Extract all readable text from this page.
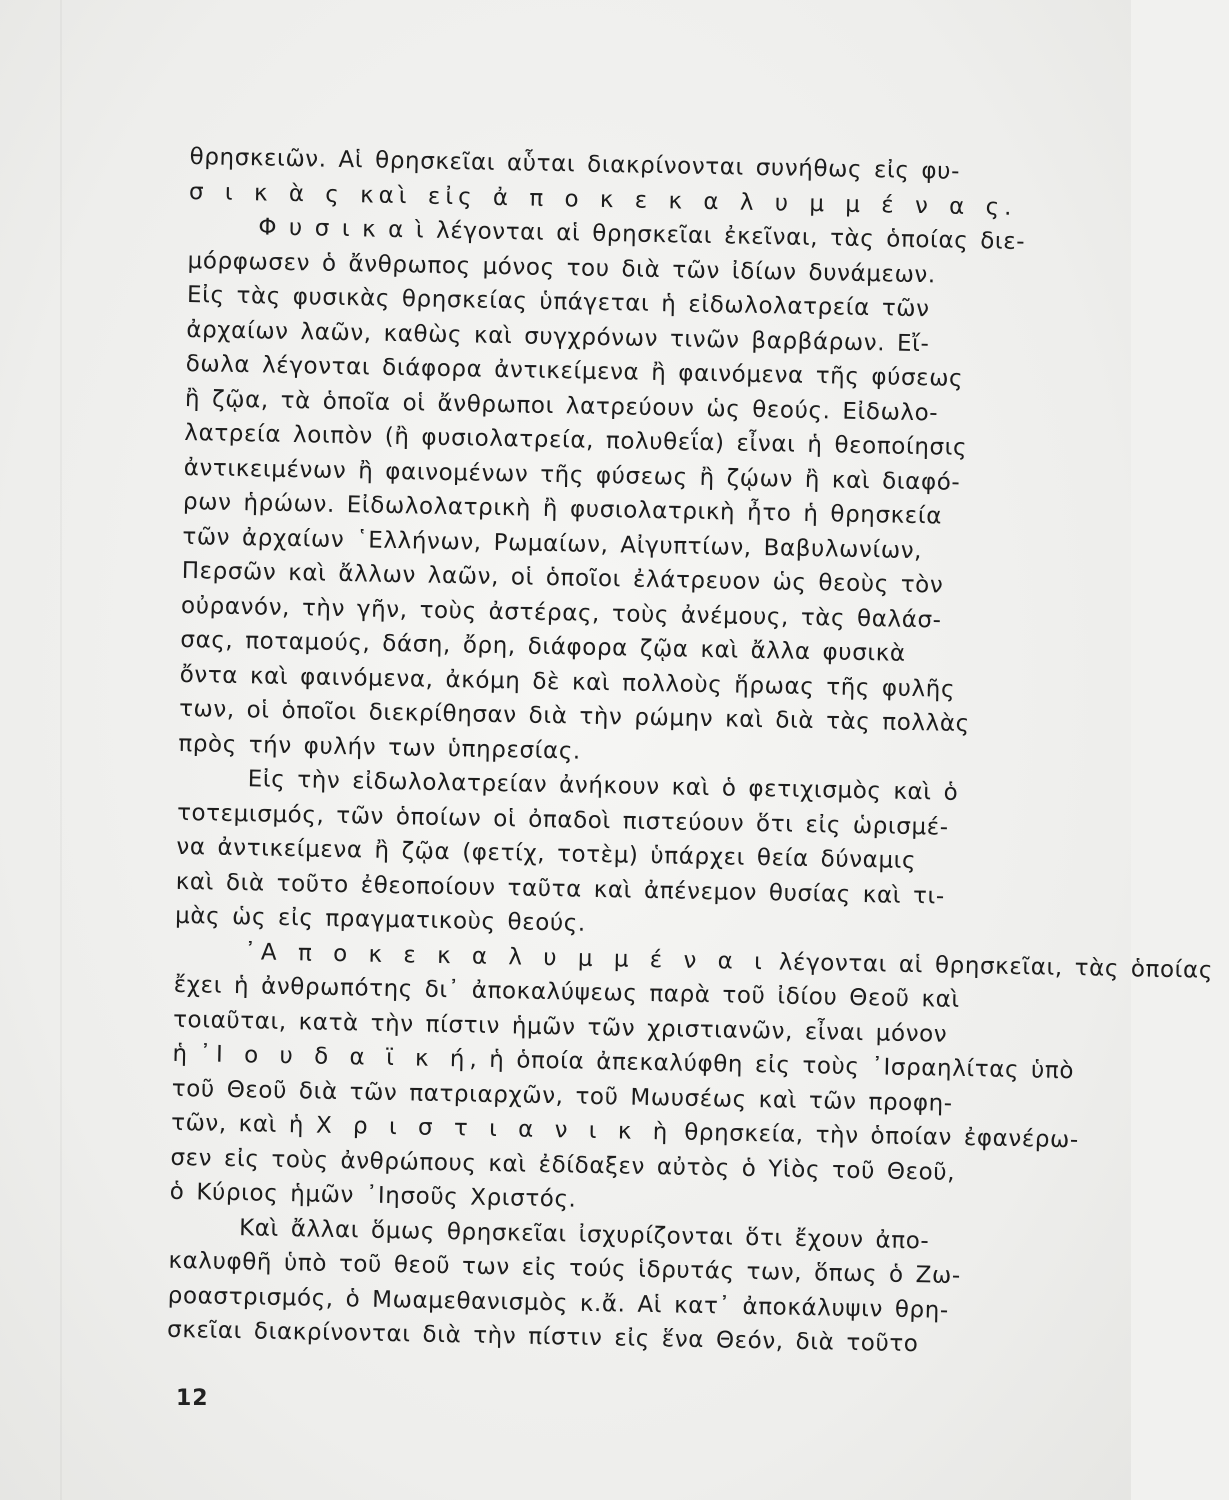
θρησκειῶν. Αἱ θρησκεῖαι αὗται διακρίνονται συνήθως εἰς φυ-
σ ι κ ὰ ς καὶ εἰς ἀ π ο κ ε κ α λ υ μ μ έ ν α ς.
Φ υ σ ι κ α ὶ λέγονται αἱ θρησκεῖαι ἐκεῖναι, τὰς ὁποίας διε-
μόρφωσεν ὁ ἄνθρωπος μόνος του διὰ τῶν ἰδίων δυνάμεων.
Εἰς τὰς φυσικὰς θρησκείας ὑπάγεται ἡ εἰδωλολατρεία τῶν
ἀρχαίων λαῶν, καθὼς καὶ συγχρόνων τινῶν βαρβάρων. Εἴ-
δωλα λέγονται διάφορα ἀντικείμενα ἢ φαινόμενα τῆς φύσεως
ἢ ζῷα, τὰ ὁποῖα οἱ ἄνθρωποι λατρεύουν ὡς θεούς. Εἰδωλο-
λατρεία λοιπὸν (ἢ φυσιολατρεία, πολυθεΐα) εἶναι ἡ θεοποίησις
ἀντικειμένων ἢ φαινομένων τῆς φύσεως ἢ ζῴων ἢ καὶ διαφό-
ρων ἡρώων. Εἰδωλολατρικὴ ἢ φυσιολατρικὴ ἦτο ἡ θρησκεία
τῶν ἀρχαίων ῾Ελλήνων, Ρωμαίων, Αἰγυπτίων, Βαβυλωνίων,
Περσῶν καὶ ἄλλων λαῶν, οἱ ὁποῖοι ἐλάτρευον ὡς θεοὺς τὸν
οὐρανόν, τὴν γῆν, τοὺς ἀστέρας, τοὺς ἀνέμους, τὰς θαλάσ-
σας, ποταμούς, δάση, ὄρη, διάφορα ζῷα καὶ ἄλλα φυσικὰ
ὄντα καὶ φαινόμενα, ἀκόμη δὲ καὶ πολλοὺς ἥρωας τῆς φυλῆς
των, οἱ ὁποῖοι διεκρίθησαν διὰ τὴν ρώμην καὶ διὰ τὰς πολλὰς
πρὸς τήν φυλήν των ὑπηρεσίας.
Εἰς τὴν εἰδωλολατρείαν ἀνήκουν καὶ ὁ φετιχισμὸς καὶ ὁ
τοτεμισμός, τῶν ὁποίων οἱ ὀπαδοὶ πιστεύουν ὅτι εἰς ὡρισμέ-
να ἀντικείμενα ἢ ζῷα (φετίχ, τοτὲμ) ὑπάρχει θεία δύναμις
καὶ διὰ τοῦτο ἐθεοποίουν ταῦτα καὶ ἀπένεμον θυσίας καὶ τι-
μὰς ὡς εἰς πραγματικοὺς θεούς.
᾿Α π ο κ ε κ α λ υ μ μ έ ν α ι λέγονται αἱ θρησκεῖαι, τὰς ὁποίας
ἔχει ἡ ἀνθρωπότης δι᾿ ἀποκαλύψεως παρὰ τοῦ ἰδίου Θεοῦ καὶ
τοιαῦται, κατὰ τὴν πίστιν ἡμῶν τῶν χριστιανῶν, εἶναι μόνον
ἡ ᾿Ι ο υ δ α ϊ κ ή, ἡ ὁποία ἀπεκαλύφθη εἰς τοὺς ᾿Ισραηλίτας ὑπὸ
τοῦ Θεοῦ διὰ τῶν πατριαρχῶν, τοῦ Μωυσέως καὶ τῶν προφη-
τῶν, καὶ ἡ Χ ρ ι σ τ ι α ν ι κ ὴ θρησκεία, τὴν ὁποίαν ἐφανέρω-
σεν εἰς τοὺς ἀνθρώπους καὶ ἐδίδαξεν αὐτὸς ὁ Υἱὸς τοῦ Θεοῦ,
ὁ Κύριος ἡμῶν ᾿Ιησοῦς Χριστός.
Καὶ ἄλλαι ὅμως θρησκεῖαι ἰσχυρίζονται ὅτι ἔχουν ἀπο-
καλυφθῆ ὑπὸ τοῦ θεοῦ των εἰς τούς ἱδρυτάς των, ὅπως ὁ Ζω-
ροαστρισμός, ὁ Μωαμεθανισμὸς κ.ἄ. Αἱ κατ᾿ ἀποκάλυψιν θρη-
σκεῖαι διακρίνονται διὰ τὴν πίστιν εἰς ἕνα Θεόν, διὰ τοῦτο
12
